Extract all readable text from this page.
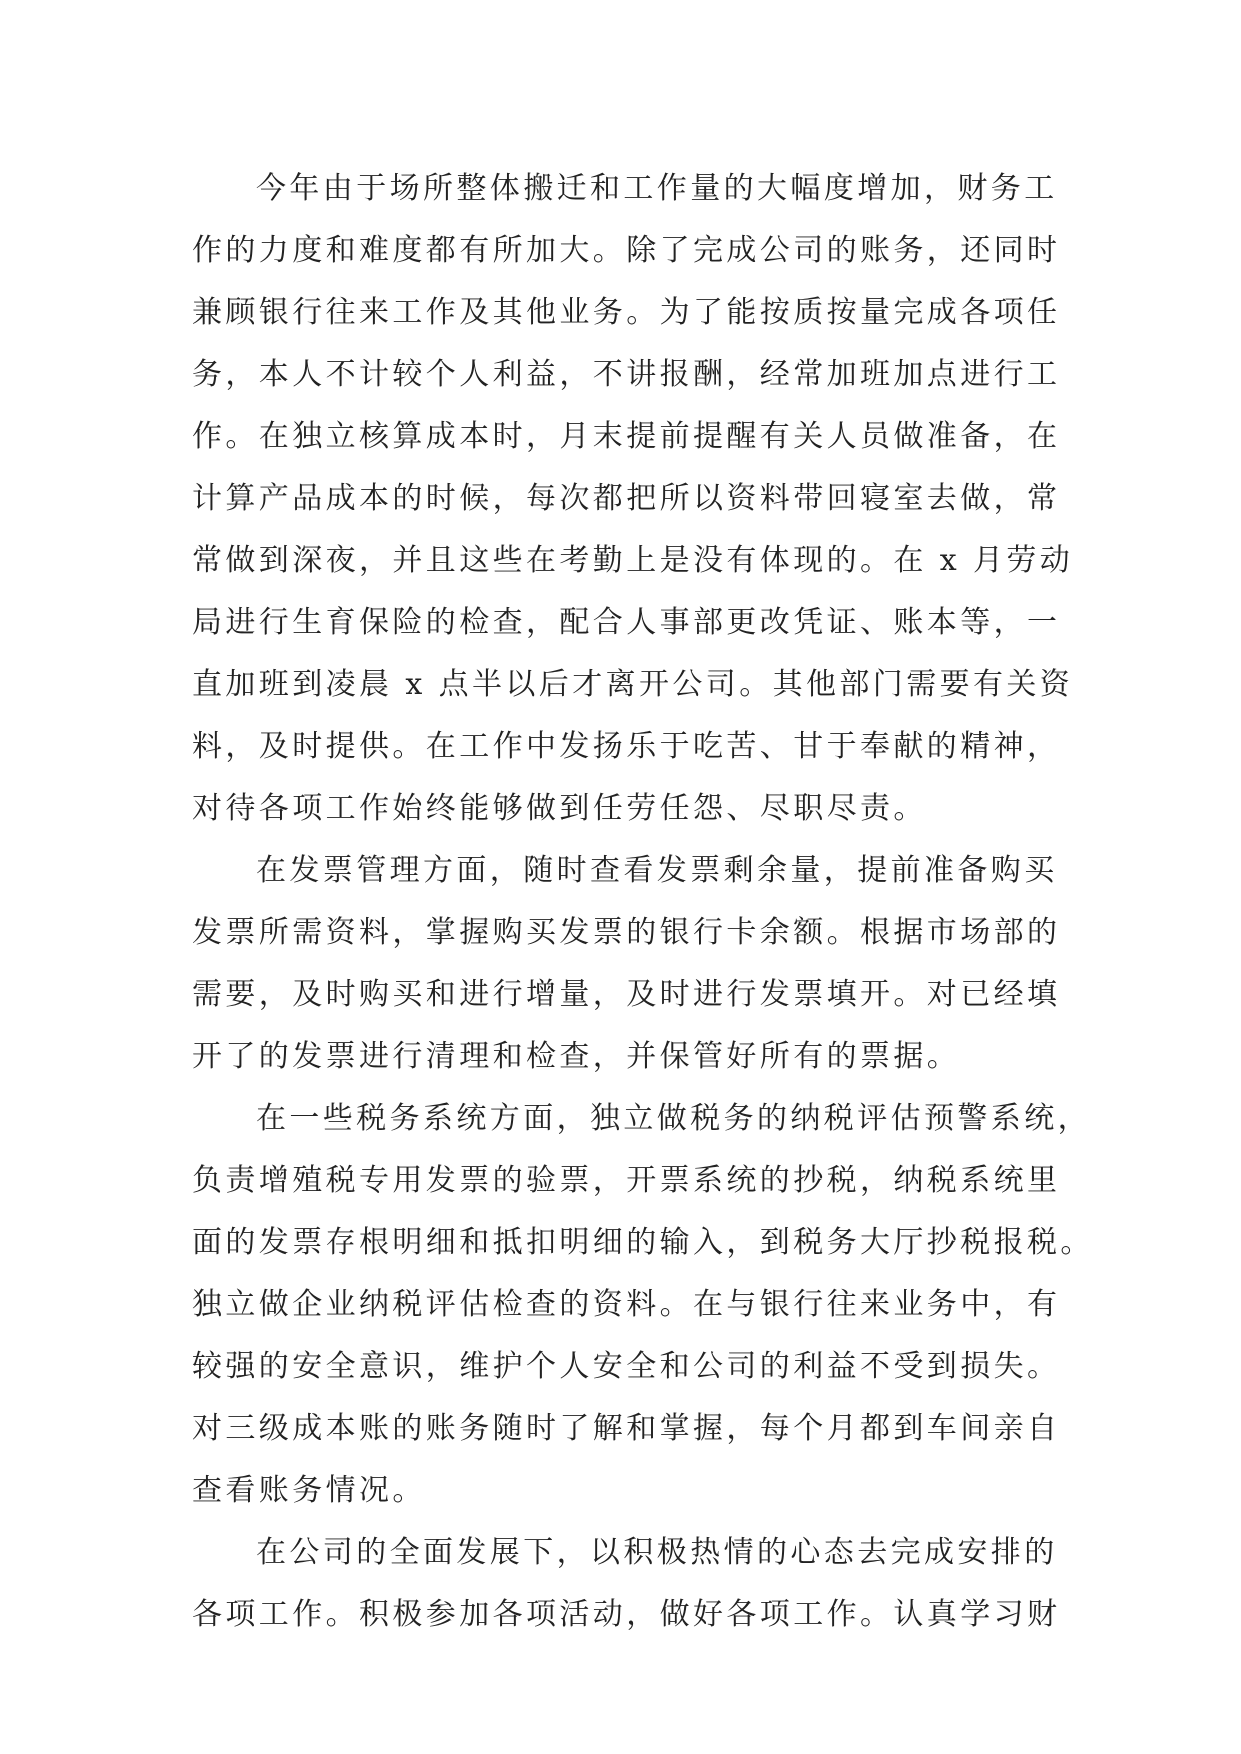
今年由于场所整体搬迁和工作量的大幅度增加，财务工
作的力度和难度都有所加大。除了完成公司的账务，还同时
兼顾银行往来工作及其他业务。为了能按质按量完成各项任
务，本人不计较个人利益，不讲报酬，经常加班加点进行工
作。在独立核算成本时，月末提前提醒有关人员做准备，在
计算产品成本的时候，每次都把所以资料带回寝室去做，常
常做到深夜，并且这些在考勤上是没有体现的。在 x 月劳动
局进行生育保险的检查，配合人事部更改凭证、账本等，一
直加班到凌晨 x 点半以后才离开公司。其他部门需要有关资
料，及时提供。在工作中发扬乐于吃苦、甘于奉献的精神，
对待各项工作始终能够做到任劳任怨、尽职尽责。
在发票管理方面，随时查看发票剩余量，提前准备购买
发票所需资料，掌握购买发票的银行卡余额。根据市场部的
需要，及时购买和进行增量，及时进行发票填开。对已经填
开了的发票进行清理和检查，并保管好所有的票据。
在一些税务系统方面，独立做税务的纳税评估预警系统，
负责增殖税专用发票的验票，开票系统的抄税，纳税系统里
面的发票存根明细和抵扣明细的输入，到税务大厅抄税报税。
独立做企业纳税评估检查的资料。在与银行往来业务中，有
较强的安全意识，维护个人安全和公司的利益不受到损失。
对三级成本账的账务随时了解和掌握，每个月都到车间亲自
查看账务情况。
在公司的全面发展下，以积极热情的心态去完成安排的
各项工作。积极参加各项活动，做好各项工作。认真学习财
